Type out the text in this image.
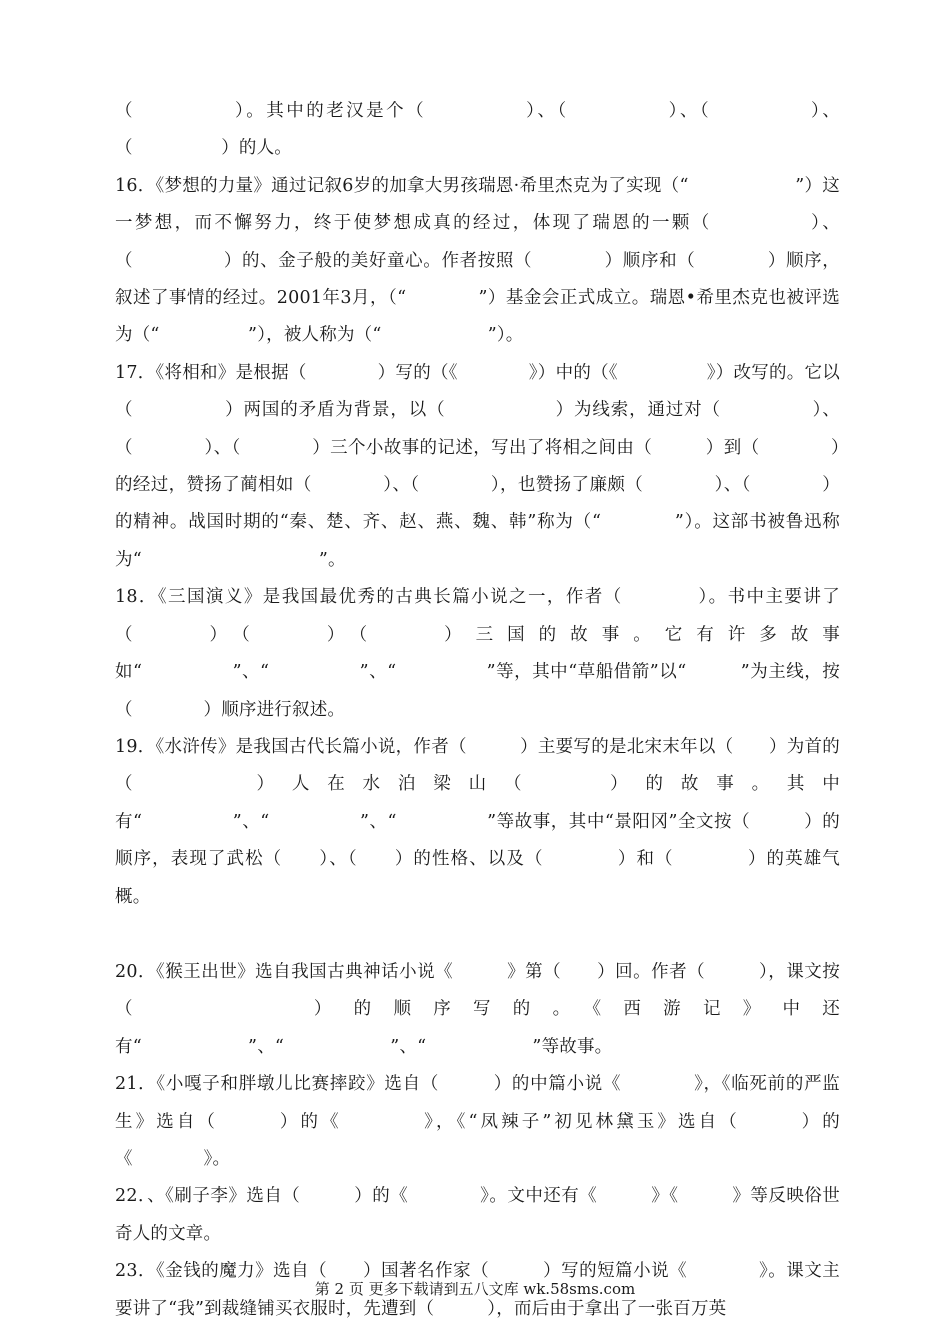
（　　　　　）。其中的老汉是个（　　　　　）、（　　　　　）、（　　　　　）、（　　　　　）的人。

16．《梦想的力量》通过记叙6岁的加拿大男孩瑞恩·希里杰克为了实现（“　　　　　　”）这一梦想，而不懈努力，终于使梦想成真的经过，体现了瑞恩的一颗（　　　　　）、（　　　　　）的、金子般的美好童心。作者按照（　　　　）顺序和（　　　　）顺序，叙述了事情的经过。2001年3月，（“　　　　”）基金会正式成立。瑞恩•希里杰克也被评选为（“　　　　　”），被人称为（“　　　　　　”）。

17．《将相和》是根据（　　　　）写的（《　　　　》）中的（《　　　　　》）改写的。它以（　　　　　）两国的矛盾为背景，以（　　　　　　）为线索，通过对（　　　　　）、（　　　　）、（　　　　）三个小故事的记述，写出了将相之间由（　　　）到（　　　　）的经过，赞扬了蔺相如（　　　　）、（　　　　），也赞扬了廉颇（　　　　）、（　　　　）的精神。战国时期的“秦、楚、齐、赵、燕、魏、韩”称为（“　　　　”）。这部书被鲁迅称为“　　　　　　　　　　”。

18．《三国演义》是我国最优秀的古典长篇小说之一，作者（　　　　）。书中主要讲了（　　）（　　）（　　）三国的故事。它有许多故事如“　　　　　”、“　　　　　”、“　　　　　”等，其中“草船借箭”以“　　　”为主线，按（　　　　）顺序进行叙述。

19．《水浒传》是我国古代长篇小说，作者（　　　）主要写的是北宋末年以（　　）为首的（　　　）人在水泊梁山（　　）的故事。其中有“　　　　　”、“　　　　　”、“　　　　　”等故事，其中“景阳冈”全文按（　　　）的顺序，表现了武松（　　）、（　　）的性格、以及（　　　　）和（　　　　）的英雄气概。

20．《猴王出世》选自我国古典神话小说《　　　》第（　　）回。作者（　　　），课文按（　　　　）的顺序写的。《西游记》中还有“　　　　　　”、“　　　　　　”、“　　　　　　”等故事。

21．《小嘎子和胖墩儿比赛摔跤》选自（　　　）的中篇小说《　　　　》，《临死前的严监生》选自（　　　）的《　　　　》，《“凤辣子”初见林黛玉》选自（　　　）的《　　　　》。

22．、《刷子李》选自（　　　）的《　　　　》。文中还有《　　　》《　　　》等反映俗世奇人的文章。

23．《金钱的魔力》选自（　　）国著名作家（　　　）写的短篇小说《　　　　》。课文主要讲了“我”到裁缝铺买衣服时，先遭到（　　　），而后由于拿出了一张百万英

第 2 页 更多下载请到五八文库 wk.58sms.com
